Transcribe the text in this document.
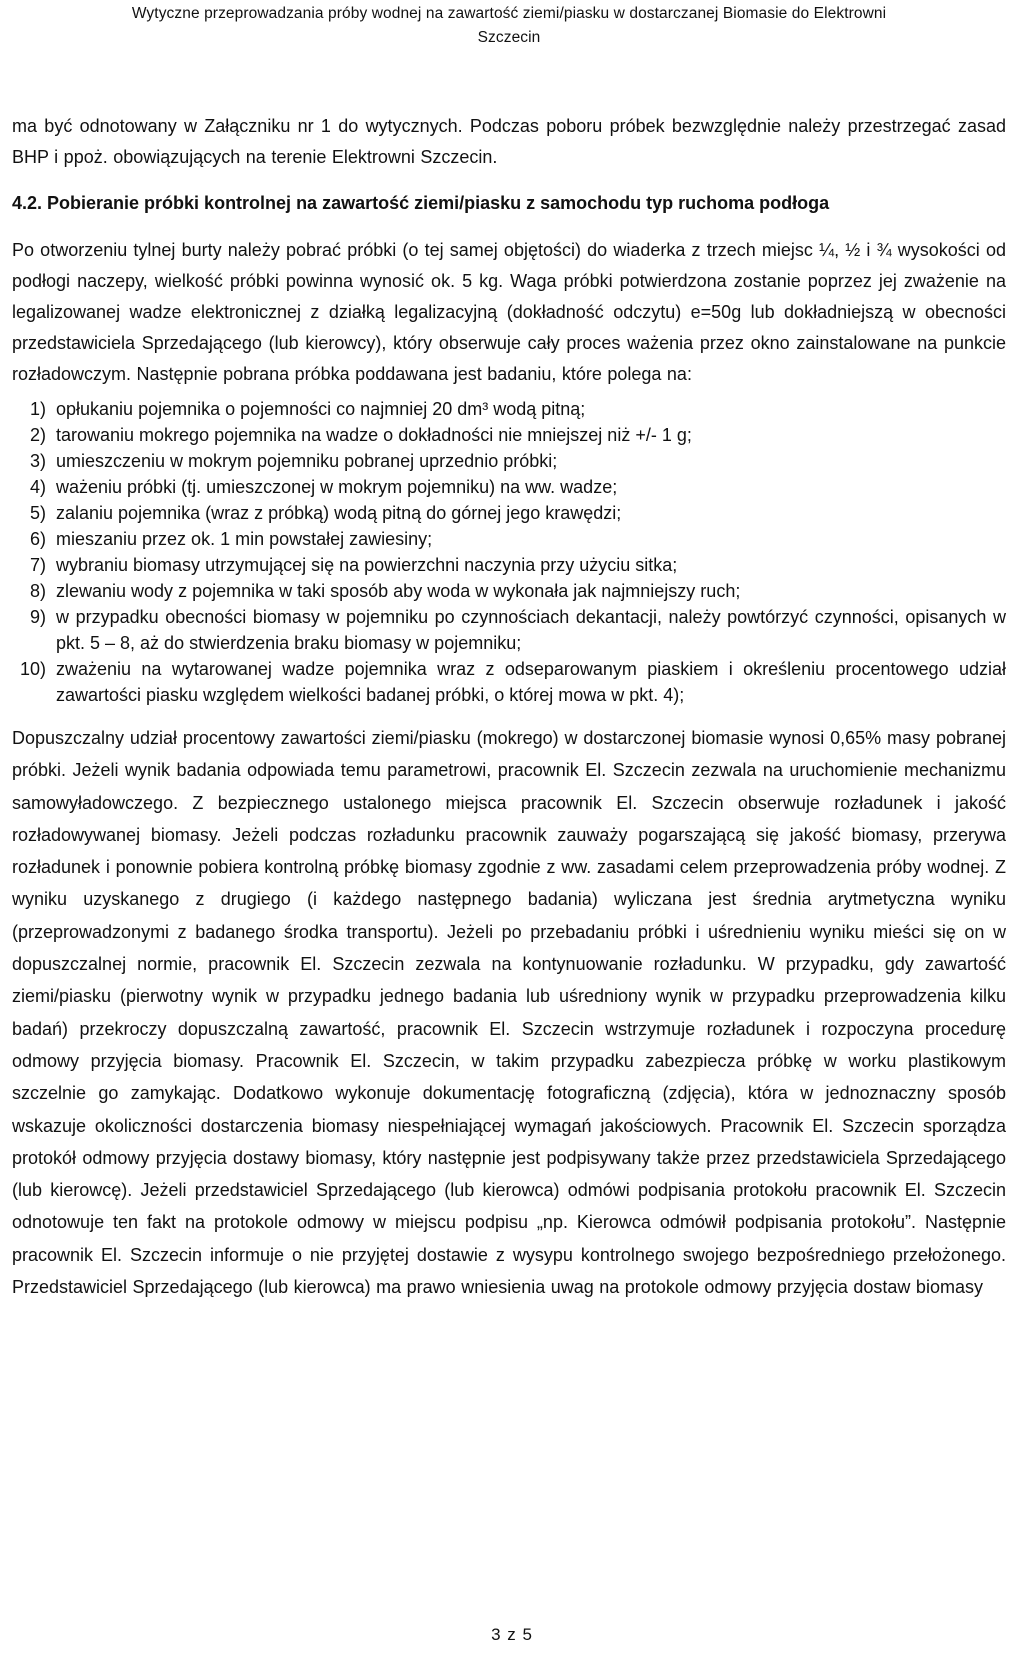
Wytyczne przeprowadzania próby wodnej na zawartość ziemi/piasku w dostarczanej Biomasie do Elektrowni
Szczecin

ma być odnotowany w Załączniku nr 1 do wytycznych. Podczas poboru próbek bezwzględnie należy przestrzegać zasad BHP i ppoż. obowiązujących na terenie Elektrowni Szczecin.

4.2. Pobieranie próbki kontrolnej na zawartość ziemi/piasku z samochodu typ ruchoma podłoga

Po otworzeniu tylnej burty należy pobrać próbki (o tej samej objętości) do wiaderka z trzech miejsc ¼, ½ i ¾ wysokości od podłogi naczepy, wielkość próbki powinna wynosić ok. 5 kg. Waga próbki potwierdzona zostanie poprzez jej zważenie na legalizowanej wadze elektronicznej z działką legalizacyjną (dokładność odczytu) e=50g lub dokładniejszą w obecności przedstawiciela Sprzedającego (lub kierowcy), który obserwuje cały proces ważenia przez okno zainstalowane na punkcie rozładowczym. Następnie pobrana próbka poddawana jest badaniu, które polega na:

1) opłukaniu pojemnika o pojemności co najmniej 20 dm³ wodą pitną;
2) tarowaniu mokrego pojemnika na wadze o dokładności nie mniejszej niż +/- 1 g;
3) umieszczeniu w mokrym pojemniku pobranej uprzednio próbki;
4) ważeniu próbki (tj. umieszczonej w mokrym pojemniku) na ww. wadze;
5) zalaniu pojemnika (wraz z próbką) wodą pitną do górnej jego krawędzi;
6) mieszaniu przez ok. 1 min powstałej zawiesiny;
7) wybraniu biomasy utrzymującej się na powierzchni naczynia przy użyciu sitka;
8) zlewaniu wody z pojemnika w taki sposób aby woda w wykonała jak najmniejszy ruch;
9) w przypadku obecności biomasy w pojemniku po czynnościach dekantacji, należy powtórzyć czynności, opisanych w pkt. 5 – 8, aż do stwierdzenia braku biomasy w pojemniku;
10) zważeniu na wytarowanej wadze pojemnika wraz z odseparowanym piaskiem i określeniu procentowego udział zawartości piasku względem wielkości badanej próbki, o której mowa w pkt. 4);

Dopuszczalny udział procentowy zawartości ziemi/piasku (mokrego) w dostarczonej biomasie wynosi 0,65% masy pobranej próbki. Jeżeli wynik badania odpowiada temu parametrowi, pracownik El. Szczecin zezwala na uruchomienie mechanizmu samowyładowczego. Z bezpiecznego ustalonego miejsca pracownik El. Szczecin obserwuje rozładunek i jakość rozładowywanej biomasy. Jeżeli podczas rozładunku pracownik zauważy pogarszającą się jakość biomasy, przerywa rozładunek i ponownie pobiera kontrolną próbkę biomasy zgodnie z ww. zasadami celem przeprowadzenia próby wodnej. Z wyniku uzyskanego z drugiego (i każdego następnego badania) wyliczana jest średnia arytmetyczna wyniku (przeprowadzonymi z badanego środka transportu). Jeżeli po przebadaniu próbki i uśrednieniu wyniku mieści się on w dopuszczalnej normie, pracownik El. Szczecin zezwala na kontynuowanie rozładunku. W przypadku, gdy zawartość ziemi/piasku (pierwotny wynik w przypadku jednego badania lub uśredniony wynik w przypadku przeprowadzenia kilku badań) przekroczy dopuszczalną zawartość, pracownik El. Szczecin wstrzymuje rozładunek i rozpoczyna procedurę odmowy przyjęcia biomasy. Pracownik El. Szczecin, w takim przypadku zabezpiecza próbkę w worku plastikowym szczelnie go zamykając. Dodatkowo wykonuje dokumentację fotograficzną (zdjęcia), która w jednoznaczny sposób wskazuje okoliczności dostarczenia biomasy niespełniającej wymagań jakościowych. Pracownik El. Szczecin sporządza protokół odmowy przyjęcia dostawy biomasy, który następnie jest podpisywany także przez przedstawiciela Sprzedającego (lub kierowcę). Jeżeli przedstawiciel Sprzedającego (lub kierowca) odmówi podpisania protokołu pracownik El. Szczecin odnotowuje ten fakt na protokole odmowy w miejscu podpisu „np. Kierowca odmówił podpisania protokołu”. Następnie pracownik El. Szczecin informuje o nie przyjętej dostawie z wysypu kontrolnego swojego bezpośredniego przełożonego. Przedstawiciel Sprzedającego (lub kierowca) ma prawo wniesienia uwag na protokole odmowy przyjęcia dostaw biomasy

3 z 5
